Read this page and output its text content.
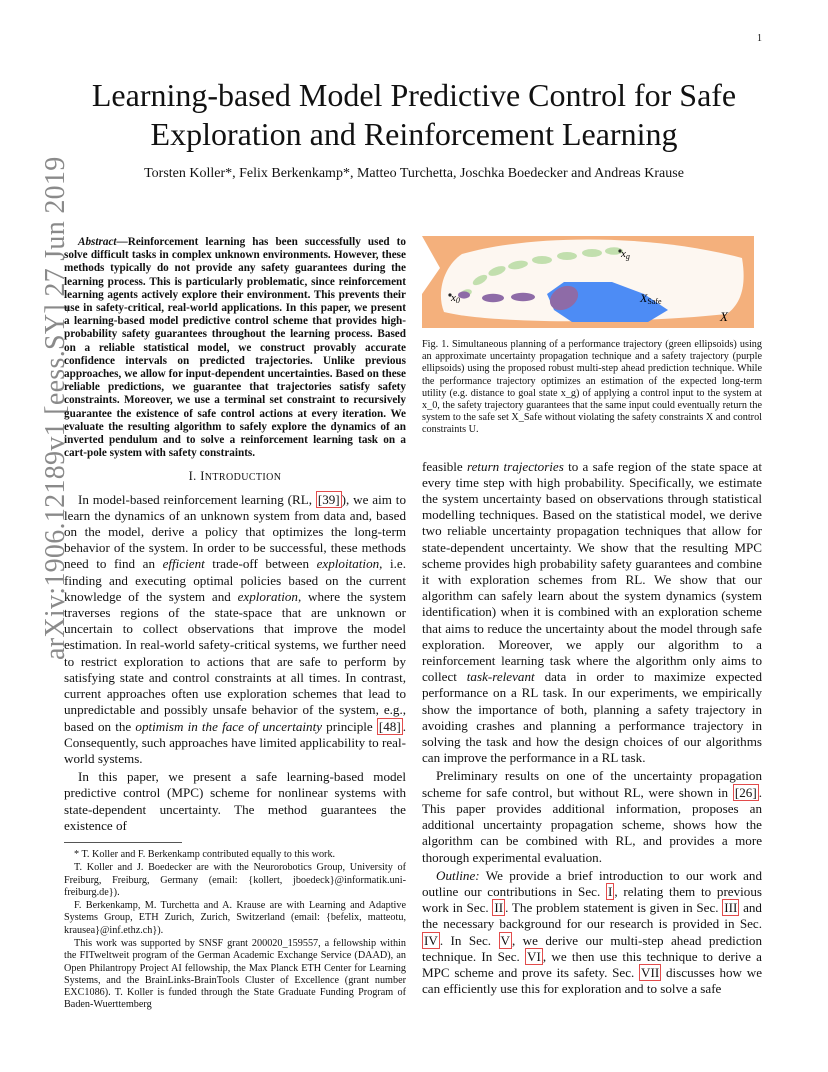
1
arXiv:1906.12189v1 [eess.SY] 27 Jun 2019
Learning-based Model Predictive Control for Safe
Exploration and Reinforcement Learning
Torsten Koller*, Felix Berkenkamp*, Matteo Turchetta, Joschka Boedecker and Andreas Krause

Abstract—Reinforcement learning has been successfully used to solve difficult tasks in complex unknown environments. However, these methods typically do not provide any safety guarantees during the learning process. This is particularly problematic, since reinforcement learning agents actively explore their environment. This prevents their use in safety-critical, real-world applications. In this paper, we present a learning-based model predictive control scheme that provides high-probability safety guarantees throughout the learning process. Based on a reliable statistical model, we construct provably accurate confidence intervals on predicted trajectories. Unlike previous approaches, we allow for input-dependent uncertainties. Based on these reliable predictions, we guarantee that trajectories satisfy safety constraints. Moreover, we use a terminal set constraint to recursively guarantee the existence of safe control actions at every iteration. We evaluate the resulting algorithm to safely explore the dynamics of an inverted pendulum and to solve a reinforcement learning task on a cart-pole system with safety constraints.

I. INTRODUCTION

In model-based reinforcement learning (RL, [39] ), we aim to learn the dynamics of an unknown system from data and, based on the model, derive a policy that optimizes the long-term behavior of the system. In order to be successful, these methods need to find an efficient trade-off between exploitation, i.e. finding and executing optimal policies based on the current knowledge of the system and exploration, where the system traverses regions of the state-space that are unknown or uncertain to collect observations that improve the model estimation. In real-world safety-critical systems, we further need to restrict exploration to actions that are safe to perform by satisfying state and control constraints at all times. In contrast, current approaches often use exploration schemes that lead to unpredictable and possibly unsafe behavior of the system, e.g., based on the optimism in the face of uncertainty principle [48] . Consequently, such approaches have limited applicability to real-world systems.

In this paper, we present a safe learning-based model predictive control (MPC) scheme for nonlinear systems with state-dependent uncertainty. The method guarantees the existence of

* T. Koller and F. Berkenkamp contributed equally to this work.

T. Koller and J. Boedecker are with the Neurorobotics Group, University of Freiburg, Freiburg, Germany (email: {kollert, jboedeck}@informatik.uni-freiburg.de}).

F. Berkenkamp, M. Turchetta and A. Krause are with Learning and Adaptive Systems Group, ETH Zurich, Zurich, Switzerland (email: {befelix, matteotu, krausea}@inf.ethz.ch}).

This work was supported by SNSF grant 200020_159557, a fellowship within the FITweltweit program of the German Academic Exchange Service (DAAD), an Open Philantropy Project AI fellowship, the Max Planck ETH Center for Learning Systems, and the BrainLinks-BrainTools Cluster of Excellence (grant number EXC1086). T. Koller is funded through the State Graduate Funding Program of Baden-Wuerttemberg

xg
x0	XSafe
X

Fig. 1. Simultaneous planning of a performance trajectory (green ellipsoids) using an approximate uncertainty propagation technique and a safety trajectory (purple ellipsoids) using the proposed robust multi-step ahead prediction technique. While the performance trajectory optimizes an estimation of the expected long-term utility (e.g. distance to goal state x_g) of applying a control input to the system at x_0, the safety trajectory guarantees that the same input could eventually return the system to the safe set X_Safe without violating the safety constraints X and control constraints U.

feasible return trajectories to a safe region of the state space at every time step with high probability. Specifically, we estimate the system uncertainty based on observations through statistical modelling techniques. Based on the statistical model, we derive two reliable uncertainty propagation techniques that allow for state-dependent uncertainty. We show that the resulting MPC scheme provides high probability safety guarantees and combine it with exploration schemes from RL. We show that our algorithm can safely learn about the system dynamics (system identification) when it is combined with an exploration scheme that aims to reduce the uncertainty about the model through safe exploration. Moreover, we apply our algorithm to a reinforcement learning task where the algorithm only aims to collect task-relevant data in order to maximize expected performance on a RL task. In our experiments, we empirically show the importance of both, planning a safety trajectory in avoiding crashes and planning a performance trajectory in solving the task and how the design choices of our algorithms can improve the performance in a RL task.

Preliminary results on one of the uncertainty propagation scheme for safe control, but without RL, were shown in [26] . This paper provides additional information, proposes an additional uncertainty propagation scheme, shows how the algorithm can be combined with RL, and provides a more thorough experimental evaluation.

Outline: We provide a brief introduction to our work and outline our contributions in Sec. I , relating them to previous work in Sec. II . The problem statement is given in Sec. III and the necessary background for our research is provided in Sec. IV . In Sec. V , we derive our multi-step ahead prediction technique. In Sec. VI , we then use this technique to derive a MPC scheme and prove its safety. Sec. VII discusses how we can efficiently use this for exploration and to solve a safe
